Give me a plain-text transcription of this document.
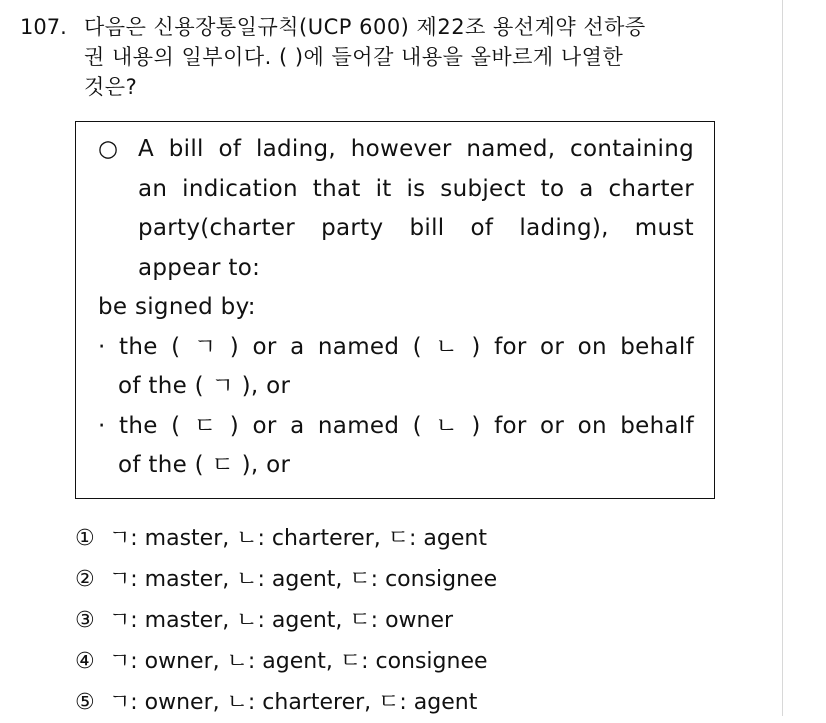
107. 다음은 신용장통일규칙(UCP 600) 제22조 용선계약 선하증
권 내용의 일부이다. ( )에 들어갈 내용을 올바르게 나열한
것은?
○ A bill of lading, however named, containing
an indication that it is subject to a charter
party(charter party bill of lading), must
appear to:
be signed by:
· the ( ㄱ ) or a named ( ㄴ ) for or on behalf
of the ( ㄱ ), or
· the ( ㄷ ) or a named ( ㄴ ) for or on behalf
of the ( ㄷ ), or
① ㄱ: master, ㄴ: charterer, ㄷ: agent
② ㄱ: master, ㄴ: agent, ㄷ: consignee
③ ㄱ: master, ㄴ: agent, ㄷ: owner
④ ㄱ: owner, ㄴ: agent, ㄷ: consignee
⑤ ㄱ: owner, ㄴ: charterer, ㄷ: agent
